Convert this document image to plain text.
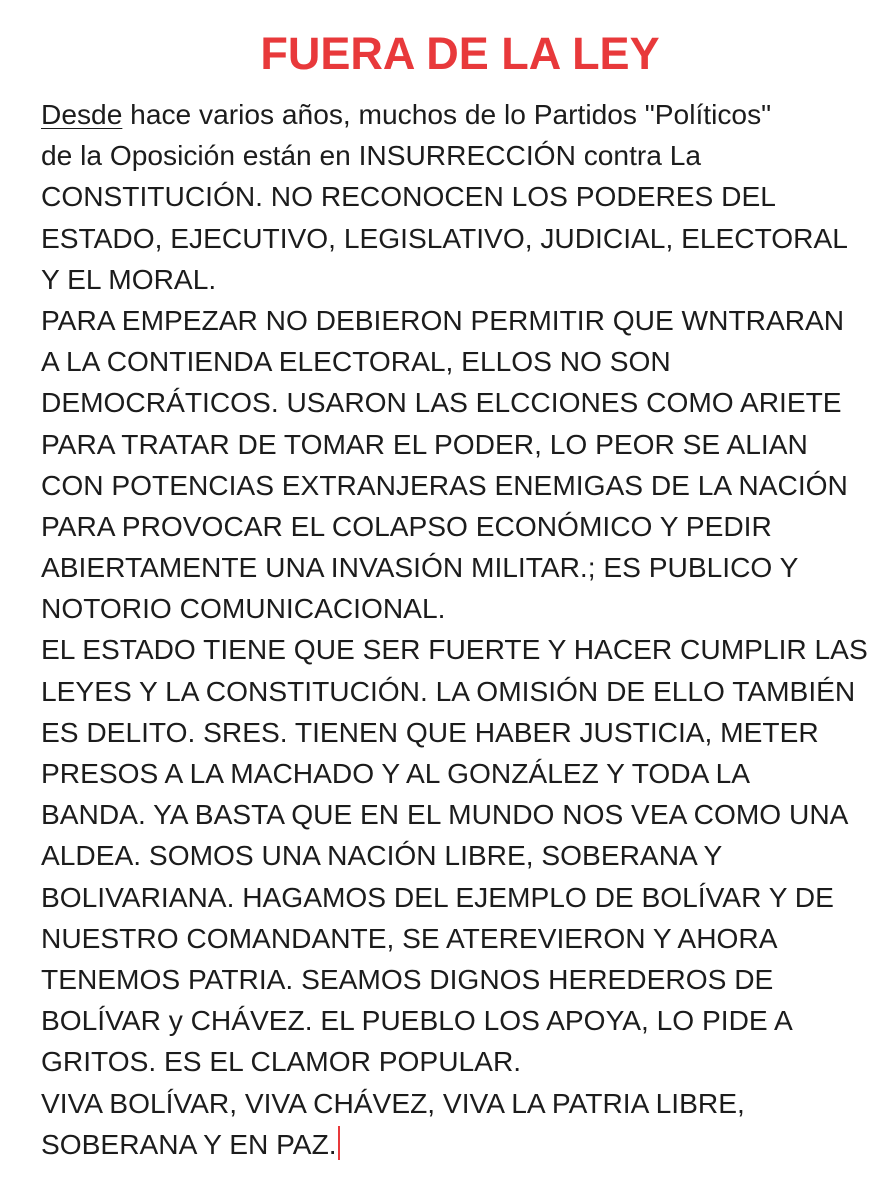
FUERA DE LA LEY
Desde hace varios años, muchos de lo Partidos "Políticos"
de la Oposición están en INSURRECCIÓN contra La
CONSTITUCIÓN. NO RECONOCEN LOS PODERES DEL
ESTADO, EJECUTIVO, LEGISLATIVO, JUDICIAL, ELECTORAL
Y EL MORAL.
PARA EMPEZAR NO DEBIERON PERMITIR QUE WNTRARAN
A LA CONTIENDA ELECTORAL, ELLOS NO SON
DEMOCRÁTICOS. USARON LAS ELCCIONES COMO ARIETE
PARA TRATAR DE TOMAR EL PODER, LO PEOR SE ALIAN
CON POTENCIAS EXTRANJERAS ENEMIGAS DE LA NACIÓN
PARA PROVOCAR EL COLAPSO ECONÓMICO Y PEDIR
ABIERTAMENTE UNA INVASIÓN MILITAR.; ES PUBLICO Y
NOTORIO COMUNICACIONAL.
EL ESTADO TIENE QUE SER FUERTE Y HACER CUMPLIR LAS
LEYES Y LA CONSTITUCIÓN. LA OMISIÓN DE ELLO TAMBIÉN
ES DELITO. SRES. TIENEN QUE HABER JUSTICIA, METER
PRESOS A LA MACHADO Y AL GONZÁLEZ Y TODA LA
BANDA. YA BASTA QUE EN EL MUNDO NOS VEA COMO UNA
ALDEA. SOMOS UNA NACIÓN LIBRE, SOBERANA Y
BOLIVARIANA. HAGAMOS DEL EJEMPLO DE BOLÍVAR Y DE
NUESTRO COMANDANTE, SE ATEREVIERON Y AHORA
TENEMOS PATRIA. SEAMOS DIGNOS HEREDEROS DE
BOLÍVAR y CHÁVEZ. EL PUEBLO LOS APOYA, LO PIDE A
GRITOS. ES EL CLAMOR POPULAR.
VIVA BOLÍVAR, VIVA CHÁVEZ, VIVA LA PATRIA LIBRE,
SOBERANA Y EN PAZ.
